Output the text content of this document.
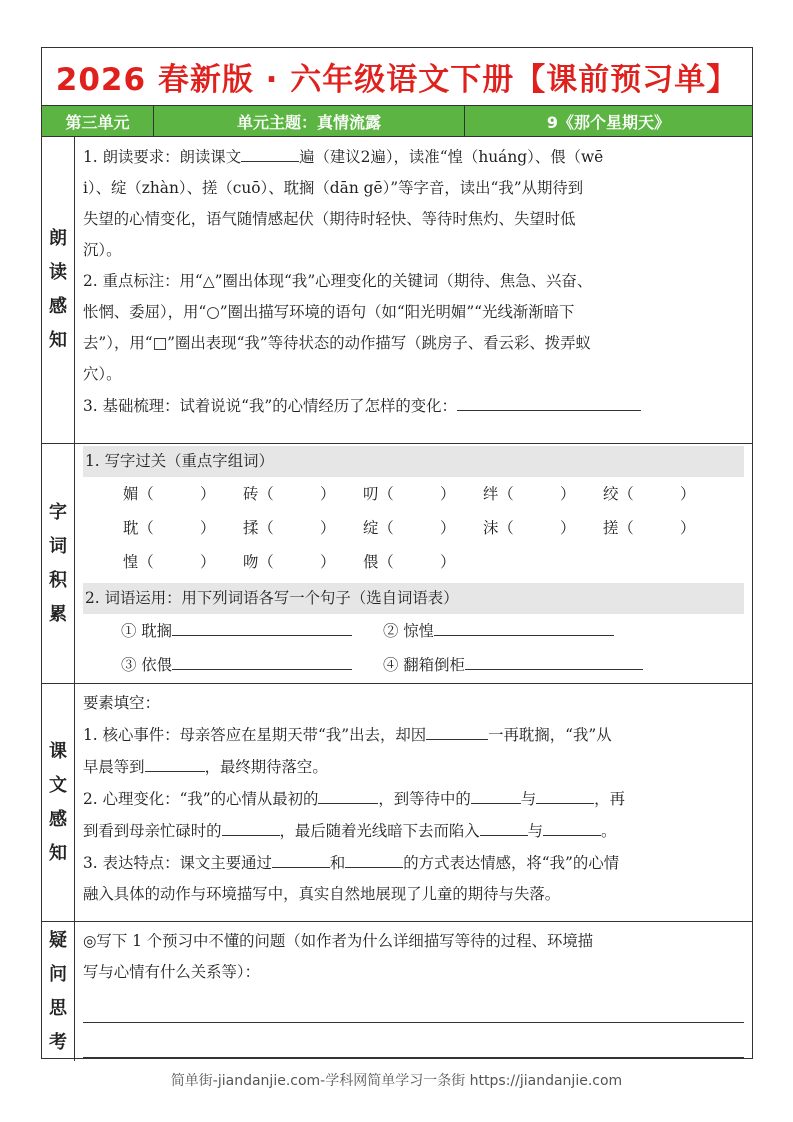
2026 春新版 · 六年级语文下册【课前预习单】
第三单元	单元主题：真情流露	9《那个星期天》
朗
读
感
知

1. 朗读要求：朗读课文	遍（建议2遍），读准“惶（huáng）、偎（wē

i）、绽（zhàn）、搓（cuō）、耽搁（dān gē）”等字音，读出“我”从期待到

失望的心情变化，语气随情感起伏（期待时轻快、等待时焦灼、失望时低

沉）。

2. 重点标注：用“△”圈出体现“我”心理变化的关键词（期待、焦急、兴奋、

怅惘、委屈），用“○”圈出描写环境的语句（如“阳光明媚”“光线渐渐暗下

去”），用“□”圈出表现“我”等待状态的动作描写（跳房子、看云彩、拨弄蚁

穴）。

3. 基础梳理：试着说说“我”的心情经历了怎样的变化：

字
词
积
累

1. 写字过关（重点字组词）

媚（　　　）	砖（　　　）	叨（　　　）	绊（　　　）	绞（　　　）
耽（　　　）	揉（　　　）	绽（　　　）	沫（　　　）	搓（　　　）
惶（　　　）	吻（　　　）	偎（　　　）

2. 词语运用：用下列词语各写一个句子（选自词语表）

① 耽搁	② 惊惶
③ 依偎	④ 翻箱倒柜
课
文
感
知

要素填空：

1. 核心事件：母亲答应在星期天带“我”出去，却因	一再耽搁，“我”从

早晨等到	，最终期待落空。

2. 心理变化：“我”的心情从最初的	，到等待中的	与	，再

到看到母亲忙碌时的	，最后随着光线暗下去而陷入	与	。

3. 表达特点：课文主要通过	和	的方式表达情感，将“我”的心情

融入具体的动作与环境描写中，真实自然地展现了儿童的期待与失落。

疑
问
思
考

◎写下 1 个预习中不懂的问题（如作者为什么详细描写等待的过程、环境描

写与心情有什么关系等）：

简单街-jiandanjie.com-学科网简单学习一条街 https://jiandanjie.com
